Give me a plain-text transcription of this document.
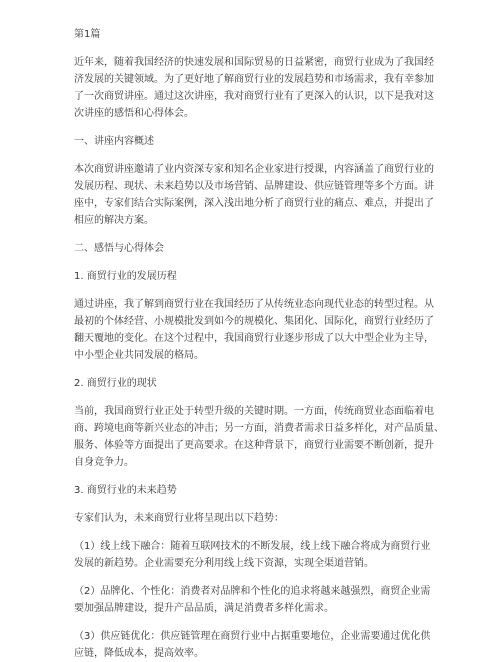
第1篇

近年来，随着我国经济的快速发展和国际贸易的日益紧密，商贸行业成为了我国经

济发展的关键领域。为了更好地了解商贸行业的发展趋势和市场需求，我有幸参加

了一次商贸讲座。通过这次讲座，我对商贸行业有了更深入的认识，以下是我对这

次讲座的感悟和心得体会。

一、讲座内容概述

本次商贸讲座邀请了业内资深专家和知名企业家进行授课，内容涵盖了商贸行业的

发展历程、现状、未来趋势以及市场营销、品牌建设、供应链管理等多个方面。讲

座中，专家们结合实际案例，深入浅出地分析了商贸行业的痛点、难点，并提出了

相应的解决方案。

二、感悟与心得体会

1. 商贸行业的发展历程

通过讲座，我了解到商贸行业在我国经历了从传统业态向现代业态的转型过程。从

最初的个体经营、小规模批发到如今的规模化、集团化、国际化，商贸行业经历了

翻天覆地的变化。在这个过程中，我国商贸行业逐步形成了以大中型企业为主导，

中小型企业共同发展的格局。

2. 商贸行业的现状

当前，我国商贸行业正处于转型升级的关键时期。一方面，传统商贸业态面临着电

商、跨境电商等新兴业态的冲击；另一方面，消费者需求日益多样化，对产品质量、

服务、体验等方面提出了更高要求。在这种背景下，商贸行业需要不断创新，提升

自身竞争力。

3. 商贸行业的未来趋势

专家们认为，未来商贸行业将呈现出以下趋势：

（1）线上线下融合：随着互联网技术的不断发展，线上线下融合将成为商贸行业

发展的新趋势。企业需要充分利用线上线下资源，实现全渠道营销。

（2）品牌化、个性化：消费者对品牌和个性化的追求将越来越强烈，商贸企业需

要加强品牌建设，提升产品品质，满足消费者多样化需求。

（3）供应链优化：供应链管理在商贸行业中占据重要地位，企业需要通过优化供

应链，降低成本，提高效率。
